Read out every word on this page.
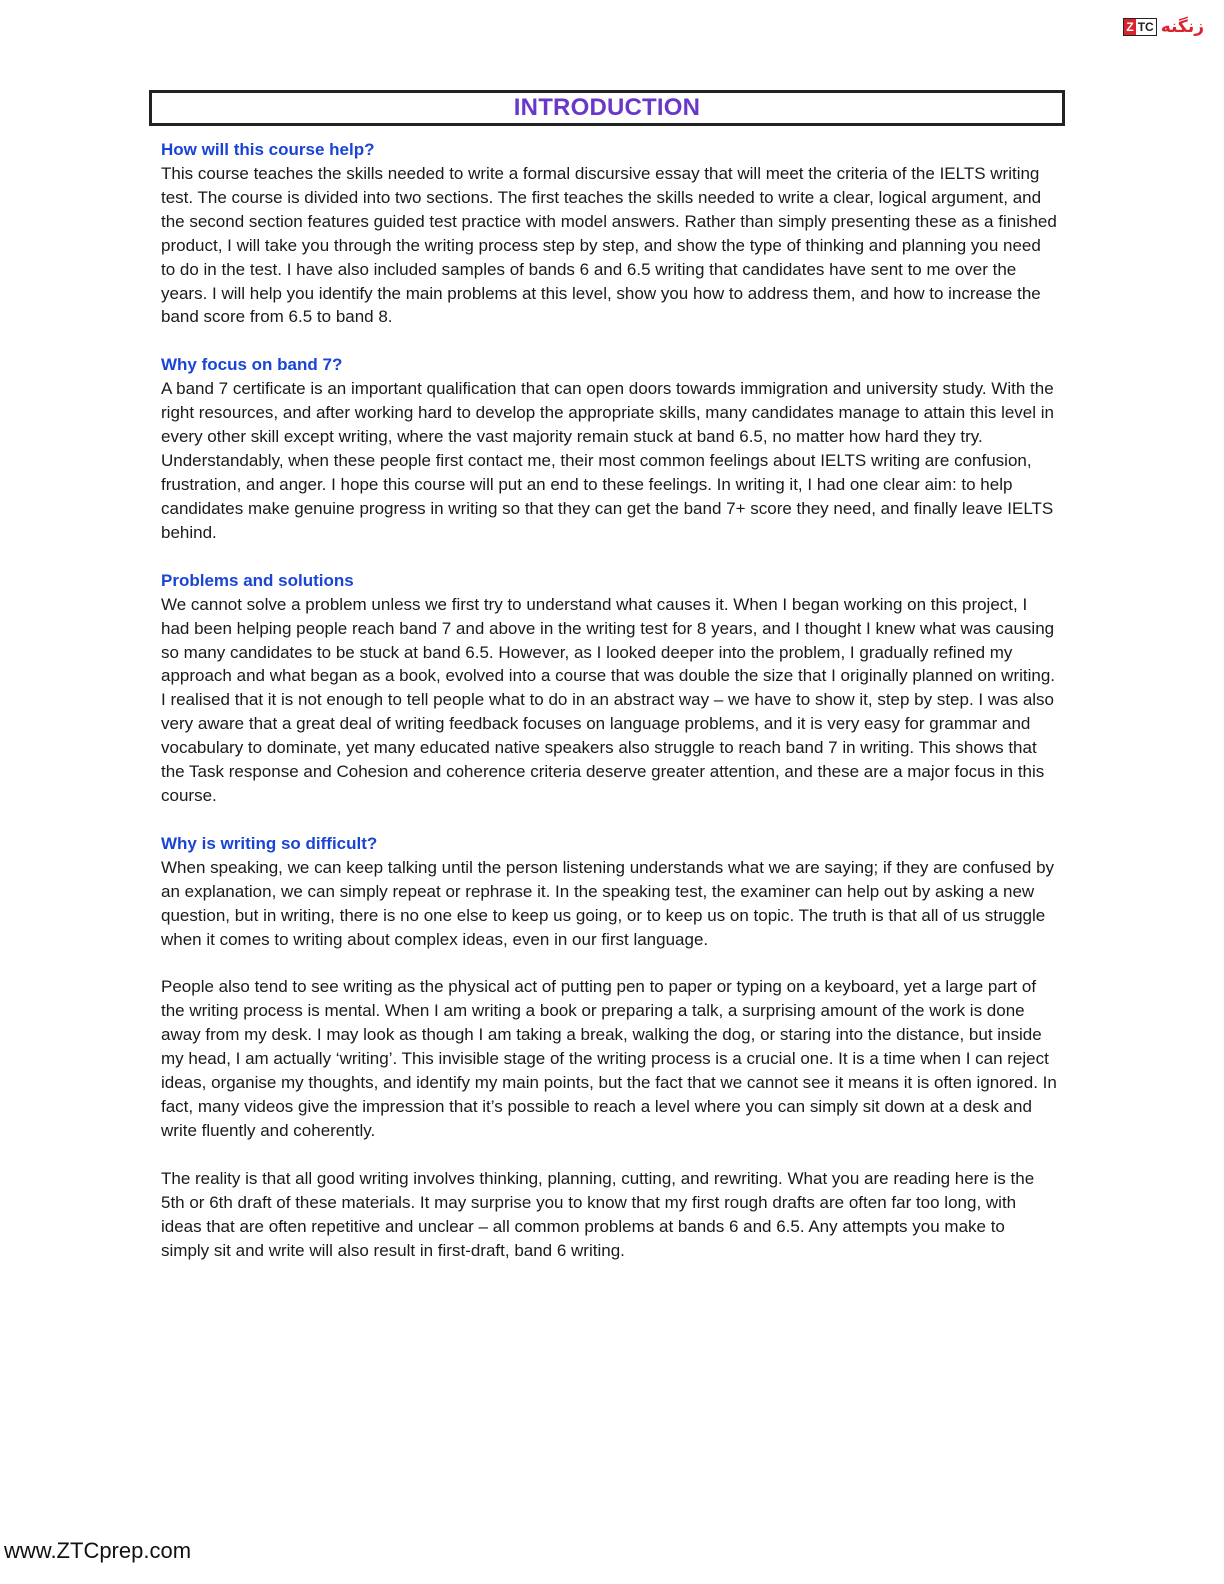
Z TC زنگنه
INTRODUCTION
How will this course help?

This course teaches the skills needed to write a formal discursive essay that will meet the criteria of the IELTS writing test. The course is divided into two sections. The first teaches the skills needed to write a clear, logical argument, and the second section features guided test practice with model answers. Rather than simply presenting these as a finished product, I will take you through the writing process step by step, and show the type of thinking and planning you need to do in the test. I have also included samples of bands 6 and 6.5 writing that candidates have sent to me over the years. I will help you identify the main problems at this level, show you how to address them, and how to increase the band score from 6.5 to band 8.

Why focus on band 7?

A band 7 certificate is an important qualification that can open doors towards immigration and university study. With the right resources, and after working hard to develop the appropriate skills, many candidates manage to attain this level in every other skill except writing, where the vast majority remain stuck at band 6.5, no matter how hard they try. Understandably, when these people first contact me, their most common feelings about IELTS writing are confusion, frustration, and anger. I hope this course will put an end to these feelings. In writing it, I had one clear aim: to help candidates make genuine progress in writing so that they can get the band 7+ score they need, and finally leave IELTS behind.

Problems and solutions

We cannot solve a problem unless we first try to understand what causes it. When I began working on this project, I had been helping people reach band 7 and above in the writing test for 8 years, and I thought I knew what was causing so many candidates to be stuck at band 6.5. However, as I looked deeper into the problem, I gradually refined my approach and what began as a book, evolved into a course that was double the size that I originally planned on writing. I realised that it is not enough to tell people what to do in an abstract way – we have to show it, step by step. I was also very aware that a great deal of writing feedback focuses on language problems, and it is very easy for grammar and vocabulary to dominate, yet many educated native speakers also struggle to reach band 7 in writing. This shows that the Task response and Cohesion and coherence criteria deserve greater attention, and these are a major focus in this course.

Why is writing so difficult?

When speaking, we can keep talking until the person listening understands what we are saying; if they are confused by an explanation, we can simply repeat or rephrase it. In the speaking test, the examiner can help out by asking a new question, but in writing, there is no one else to keep us going, or to keep us on topic. The truth is that all of us struggle when it comes to writing about complex ideas, even in our first language.

People also tend to see writing as the physical act of putting pen to paper or typing on a keyboard, yet a large part of the writing process is mental. When I am writing a book or preparing a talk, a surprising amount of the work is done away from my desk. I may look as though I am taking a break, walking the dog, or staring into the distance, but inside my head, I am actually ‘writing’. This invisible stage of the writing process is a crucial one. It is a time when I can reject ideas, organise my thoughts, and identify my main points, but the fact that we cannot see it means it is often ignored. In fact, many videos give the impression that it’s possible to reach a level where you can simply sit down at a desk and write fluently and coherently.

The reality is that all good writing involves thinking, planning, cutting, and rewriting. What you are reading here is the 5th or 6th draft of these materials. It may surprise you to know that my first rough drafts are often far too long, with ideas that are often repetitive and unclear – all common problems at bands 6 and 6.5. Any attempts you make to simply sit and write will also result in first-draft, band 6 writing.

www.ZTCprep.com
